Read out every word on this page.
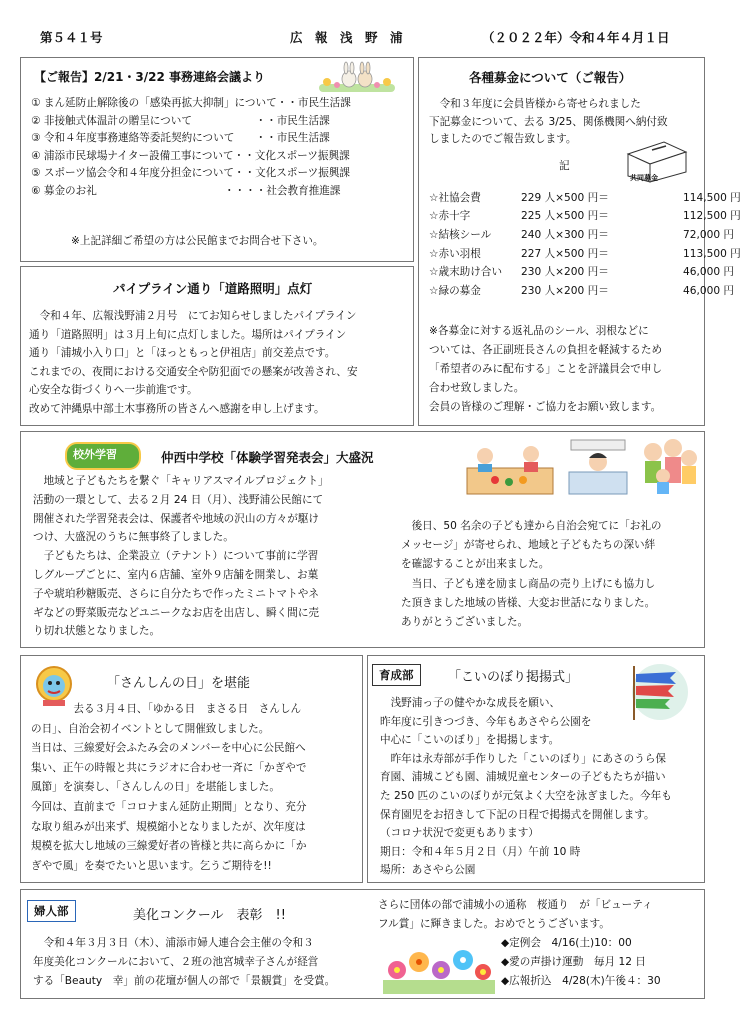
第５４１号	広　報　浅　野　浦	（２０２２年）令和４年４月１日
【ご報告】2/21・3/22 事務連絡会議より
① まん延防止解除後の「感染再拡大抑制」について・・市民生活課
② 非接触式体温計の贈呈について　　　　　　・・市民生活課
③ 令和４年度事務連絡等委託契約について　　・・市民生活課
④ 浦添市民球場ナイター設備工事について・・文化スポーツ振興課
⑤ スポーツ協会令和４年度分担金について・・文化スポーツ振興課
⑥ 募金のお礼　　　　　　　　　　　　・・・・社会教育推進課
※上記詳細ご希望の方は公民館までお問合せ下さい。
各種募金について（ご報告）
　令和３年度に会員皆様から寄せられました
下記募金について、去る 3/25、関係機関へ納付致
しましたのでご報告致します。
記
共同募金
☆社協会費	229 人×500 円＝	114,500 円
☆赤十字	225 人×500 円＝	112,500 円
☆結核シール	240 人×300 円＝	72,000 円
☆赤い羽根	227 人×500 円＝	113,500 円
☆歳末助け合い	230 人×200 円＝	46,000 円
☆緑の募金	230 人×200 円＝	46,000 円
※各募金に対する返礼品のシール、羽根などに
ついては、各正副班長さんの負担を軽減するため
「希望者のみに配布する」ことを評議員会で申し
合わせ致しました。
会員の皆様のご理解・ご協力をお願い致します。
パイプライン通り「道路照明」点灯
　令和４年、広報浅野浦２月号　にてお知らせしましたパイプライン
通り「道路照明」は３月上旬に点灯しました。場所はパイプライン
通り「浦城小入り口」と「ほっともっと伊祖店」前交差点です。
これまでの、夜間における交通安全や防犯面での懸案が改善され、安
心安全な街づくりへ一歩前進です。
改めて沖縄県中部土木事務所の皆さんへ感謝を申し上げます。
校外学習	仲西中学校「体験学習発表会」大盛況
　地域と子どもたちを繋ぐ「キャリアスマイルプロジェクト」
活動の一環として、去る２月 24 日（月）、浅野浦公民館にて
開催された学習発表会は、保護者や地域の沢山の方々が駆け
つけ、大盛況のうちに無事終了しました。
　子どもたちは、企業設立（テナント）について事前に学習
しグループごとに、室内６店舗、室外９店舗を開業し、お菓
子や琥珀秒糖販売、さらに自分たちで作ったミニトマトやネ
ギなどの野菜販売などユニークなお店を出店し、瞬く間に売
り切れ状態となりました。
　後日、50 名余の子ども達から自治会宛てに「お礼の
メッセージ」が寄せられ、地域と子どもたちの深い絆
を確認することが出来ました。
　当日、子ども達を励まし商品の売り上げにも協力し
た頂きました地域の皆様、大変お世話になりました。
ありがとうございました。
「さんしんの日」を堪能
　　　　去る３月４日、「ゆかる日　まさる日　さんしん
の日」、自治会初イベントとして開催致しました。
当日は、三線愛好会ふたみ会のメンバーを中心に公民館へ
集い、正午の時報と共にラジオに合わせ一斉に「かぎやで
風節」を演奏し、「さんしんの日」を堪能しました。
今回は、直前まで「コロナまん延防止期間」となり、充分
な取り組みが出来ず、規模縮小となりましたが、次年度は
規模を拡大し地域の三線愛好者の皆様と共に高らかに「か
ぎやで風」を奏でたいと思います。乞うご期待を!!
育成部	「こいのぼり掲揚式」
　浅野浦っ子の健やかな成長を願い、
昨年度に引きつづき、今年もあさやら公園を
中心に「こいのぼり」を掲揚します。
　昨年は永寿部が手作りした「こいのぼり」にあさのうら保
育園、浦城こども園、浦城児童センターの子どもたちが描い
た 250 匹のこいのぼりが元気よく大空を泳ぎました。今年も
保育園児をお招きして下記の日程で掲揚式を開催します。
（コロナ状況で変更もあります）
期日：令和４年５月２日（月）午前 10 時
場所：あさやら公園
婦人部	美化コンクール　表彰　!!
　令和４年３月３日（木）、浦添市婦人連合会主催の令和３
年度美化コンクールにおいて、２班の池宮城幸子さんが経営
する「Beauty　幸」前の花壇が個人の部で「景観賞」を受賞。
さらに団体の部で浦城小の通称　桜通り　が「ビューティ
フル賞」に輝きました。おめでとうございます。
◆定例会　4/16(土)10：00
◆愛の声掛け運動　毎月 12 日
◆広報折込　4/28(木)午後４：30
